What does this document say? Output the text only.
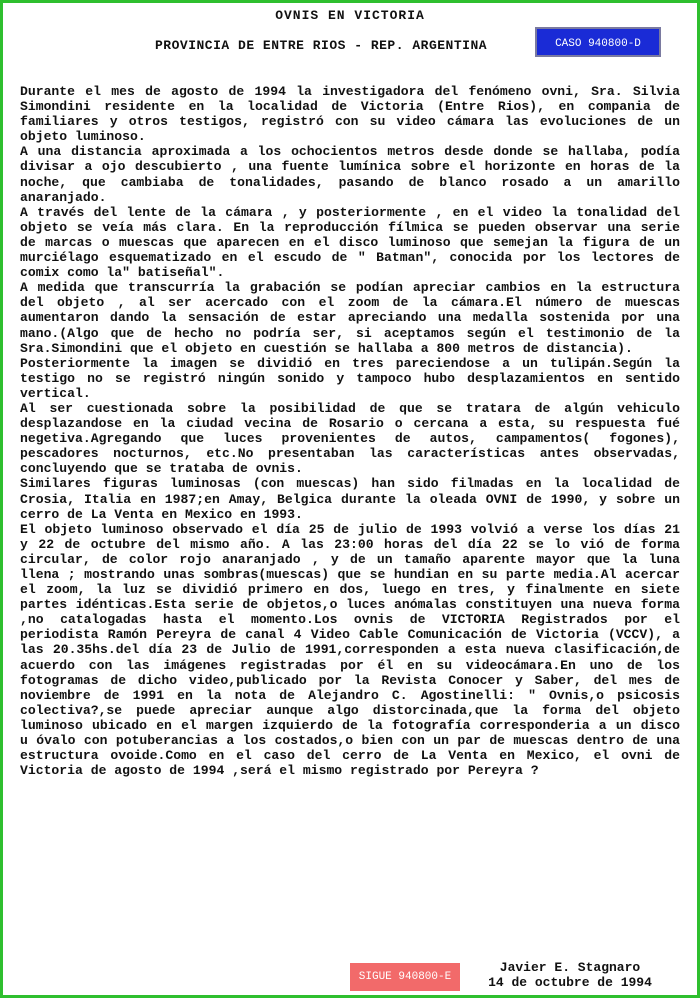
OVNIS EN VICTORIA
PROVINCIA DE ENTRE RIOS - REP. ARGENTINA	CASO 940800-D

Durante el mes de agosto de 1994 la investigadora del fenómeno ovni, Sra. Silvia Simondini residente en la localidad de Victoria (Entre Rios), en compania de familiares y otros testigos, registró con su video cámara las evoluciones de un objeto luminoso.

A una distancia aproximada a los ochocientos metros desde donde se hallaba, podía divisar a ojo descubierto , una fuente lumínica sobre el horizonte en horas de la noche, que cambiaba de tonalidades, pasando de blanco rosado a un amarillo anaranjado.

A través del lente de la cámara , y posteriormente , en el video la tonalidad del objeto se veía más clara. En la reproducción fílmica se pueden observar una serie de marcas o muescas que aparecen en el disco luminoso que semejan la figura de un murciélago esquematizado en el escudo de " Batman", conocida por los lectores de comix como la" batiseñal".

A medida que transcurría la grabación se podían apreciar cambios en la estructura del objeto , al ser acercado con el zoom de la cámara.El número de muescas aumentaron dando la sensación de estar apreciando una medalla sostenida por una mano.(Algo que de hecho no podría ser, si aceptamos según el testimonio de la Sra.Simondini que el objeto en cuestión se hallaba a 800 metros de distancia).

Posteriormente la imagen se dividió en tres pareciendose a un tulipán.Según la testigo no se registró ningún sonido y tampoco hubo desplazamientos en sentido vertical.

Al ser cuestionada sobre la posibilidad de que se tratara de algún vehiculo desplazandose en la ciudad vecina de Rosario o cercana a esta, su respuesta fué negetiva.Agregando que luces provenientes de autos, campamentos( fogones), pescadores nocturnos, etc.No presentaban las características antes observadas, concluyendo que se trataba de ovnis.

Similares figuras luminosas (con muescas) han sido filmadas en la localidad de Crosia, Italia en 1987;en Amay, Belgica durante la oleada OVNI de 1990, y sobre un cerro de La Venta en Mexico en 1993.

El objeto luminoso observado el día 25 de julio de 1993 volvió a verse los días 21 y 22 de octubre del mismo año. A las 23:00 horas del día 22 se lo vió de forma circular, de color rojo anaranjado , y de un tamaño aparente mayor que la luna llena ; mostrando unas sombras(muescas) que se hundian en su parte media.Al acercar el zoom, la luz se dividió primero en dos, luego en tres, y finalmente en siete partes idénticas.Esta serie de objetos,o luces anómalas constituyen una nueva forma ,no catalogadas hasta el momento.Los ovnis de VICTORIA Registrados por el periodista Ramón Pereyra de canal 4 Video Cable Comunicación de Victoria (VCCV), a las 20.35hs.del día 23 de Julio de 1991,corresponden a esta nueva clasificación,de acuerdo con las imágenes registradas por él en su videocámara.En uno de los fotogramas de dicho video,publicado por la Revista Conocer y Saber, del mes de noviembre de 1991 en la nota de Alejandro C. Agostinelli: " Ovnis,o psicosis colectiva?,se puede apreciar aunque algo distorcinada,que la forma del objeto luminoso ubicado en el margen izquierdo de la fotografía corresponderia a un disco u óvalo con potuberancias a los costados,o bien con un par de muescas dentro de una estructura ovoide.Como en el caso del cerro de La Venta en Mexico, el ovni de Victoria de agosto de 1994 ,será el mismo registrado por Pereyra ?

SIGUE 940800-E
Javier E. Stagnaro
14 de octubre de 1994
